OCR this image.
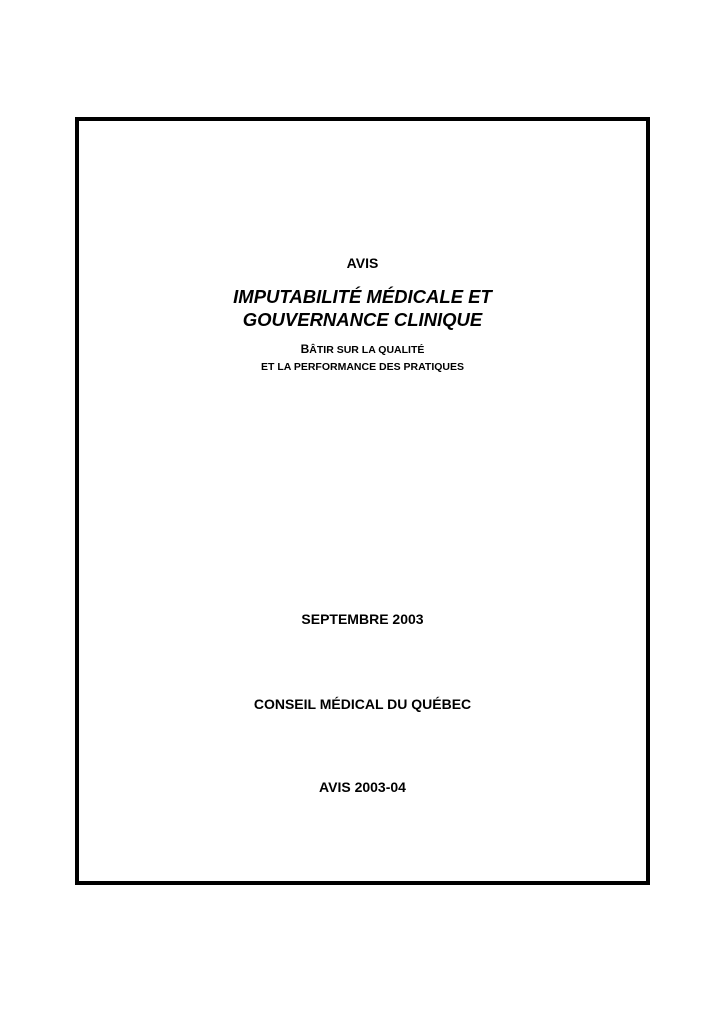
AVIS
IMPUTABILITÉ MÉDICALE ET
GOUVERNANCE CLINIQUE
BÂTIR SUR LA QUALITÉ
ET LA PERFORMANCE DES PRATIQUES
SEPTEMBRE 2003
CONSEIL MÉDICAL DU QUÉBEC
AVIS 2003-04
